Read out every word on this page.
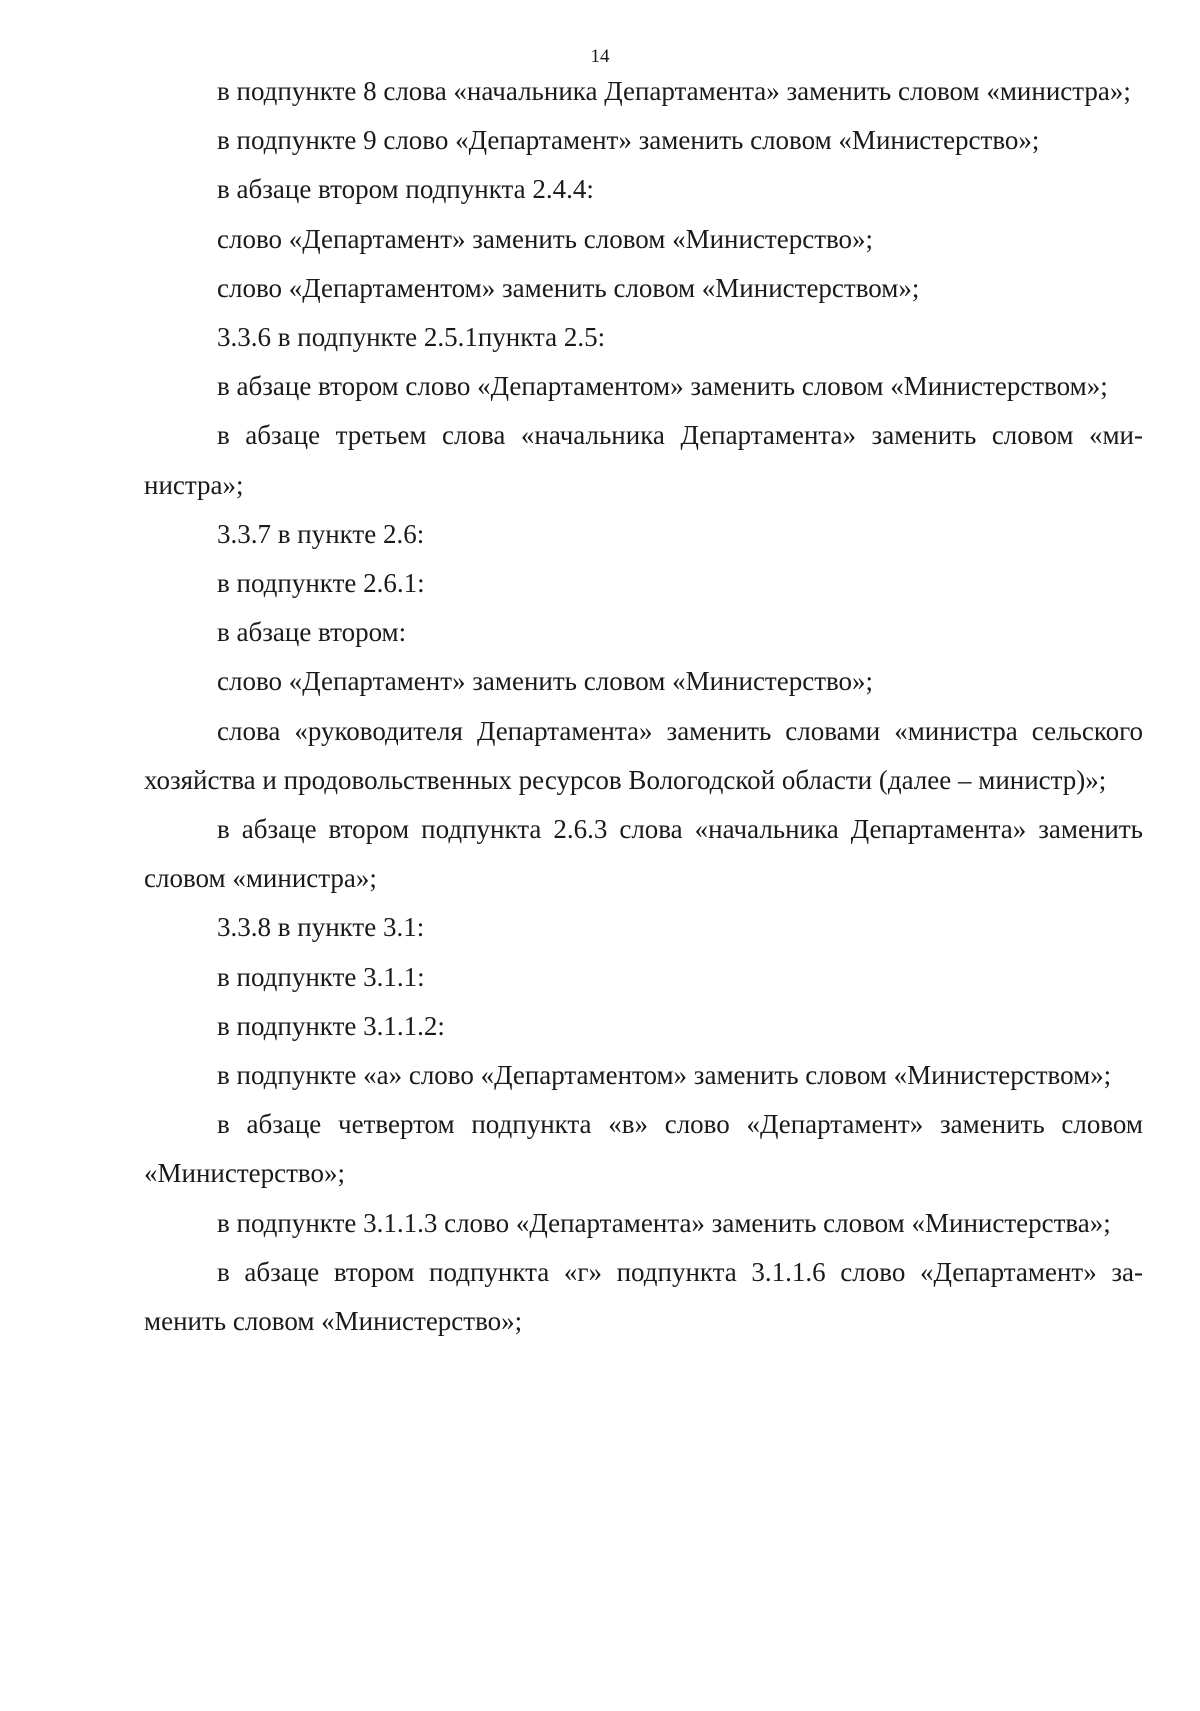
14

в подпункте 8 слова «начальника Департамента» заменить словом «министра»;

в подпункте 9 слово «Департамент» заменить словом «Министерство»;

в абзаце втором подпункта 2.4.4:

слово «Департамент» заменить словом «Министерство»;

слово «Департаментом» заменить словом «Министерством»;

3.3.6 в подпункте 2.5.1пункта 2.5:

в абзаце втором слово «Департаментом» заменить словом «Министерством»;

в абзаце третьем слова «начальника Департамента» заменить словом «министра»;

3.3.7 в пункте 2.6:

в подпункте 2.6.1:

в абзаце втором:

слово «Департамент» заменить словом «Министерство»;

слова «руководителя Департамента» заменить словами «министра сельского хозяйства и продовольственных ресурсов Вологодской области (далее – министр)»;

в абзаце втором подпункта 2.6.3 слова «начальника Департамента» заменить словом «министра»;

3.3.8 в пункте 3.1:

в подпункте 3.1.1:

в подпункте 3.1.1.2:

в подпункте «а» слово «Департаментом» заменить словом «Министерством»;

в абзаце четвертом подпункта «в» слово «Департамент» заменить словом «Министерство»;

в подпункте 3.1.1.3 слово «Департамента» заменить словом «Министерства»;

в абзаце втором подпункта «г» подпункта 3.1.1.6 слово «Департамент» заменить словом «Министерство»;
